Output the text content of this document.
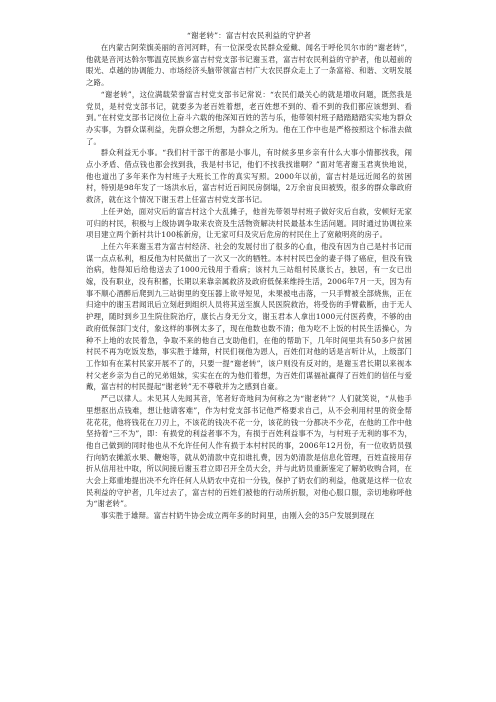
“谢老转”：富吉村农民利益的守护者

在内蒙古阿荣旗美丽的音河河畔，有一位深受农民群众爱戴、闻名于呼伦贝尔市的“谢老转”，他就是音河达斡尔鄂温克民族乡富吉村党支部书记谢玉君，富吉村农民利益的守护者，他以超前的眼光、卓越的协调能力、市场经济头脑带领富吉村广大农民群众走上了一条富裕、和谐、文明发展之路。

“谢老转”，这位满载荣誉富吉村党支部书记常说：“农民们最关心的就是增收问题，既然我是党员，是村党支部书记，就要多为老百姓着想，老百姓想不到的、看不到的我们都应该想到、看到。”在村党支部书记岗位上奋斗六载的他深知百姓的苦与乐，他带领村班子踏踏踏踏实实地为群众办实事，为群众谋利益，先群众想之所想，为群众之所为。他在工作中也是严格按照这个标准去做了。

群众利益无小事。“我们村干部干的都是小事儿，有时候多里乡亲有什么大事小情都找我，闹点小矛盾、借点钱也都会找到我，我是村书记，他们不找我找谁啊？”面对笔者谢玉君爽快地说，他也道出了多年来作为村班子大班长工作的真实写照。2000年以前，富吉村是远近闻名的贫困村，特别是98年发了一场洪水后，富吉村近百间民房倒塌，2万余亩良田被毁，很多的群众靠政府救济，就在这个情况下谢玉君上任富吉村党支部书记。

上任尹始，面对灾后的富吉村这个大乱摊子，他首先带领导村班子做好灾后自救，安顿好无家可归的村民，积极与上级协调争取来农资及生活物资解决村民最基本生活问题。同时通过协调拉来项目建立两个新村共计100栋新房，让无家可归及灾后危房的村民住上了宽敞明亮的房子。

上任六年来谢玉君为富吉村经济、社会的发展付出了很多的心血，他没有因为自己是村书记而谋一点点私利，相反他为村民做出了一次又一次的牺牲。本村村民巴金的妻子得了癌症，但没有钱治病，他得知后给他送去了1000元钱用于看病；该村九三站组村民康长占，独居，有一女已出嫁，没有职业，没有积蓄，长期以来靠亲属救济及政府低保来维持生活，2006年7月一天，因为有事不顺心酒醉后爬到九三站街里的变压器上欲寻短见，未果被电击落，一只手臂被全部烧焦，正在归途中的谢玉君闻讯后立刻赶到组织人员将其送至旗人民医院救治，将受伤的手臂截断，由于无人护理，随时到乡卫生院住院治疗，康长占身无分文，谢玉君本人拿出1000元付医药费，不够的由政府低保部门支付，象这样的事例太多了，现在他数也数不清；他为吃不上饭的村民生活操心，为种不上地的农民着急，争取不来的他自己支助他们，在他的帮助下，几年时间里共有50多户贫困村民不再为吃饭发愁，事实胜于雄辩，村民们视他为恩人，百姓们对他的话是言听计从，上级部门工作如有在某村民家开展不了的，只要一提“谢老转”，该户则没有反对的，是谢玉君长期以来视本村父老乡亲为自己的兄弟姐妹，实实在在的为他们着想，为百姓们谋福祉赢得了百姓们的信任与爱戴，富吉村的村民提起“谢老转”无不尊敬并为之感到自豪。

严己以律人。未见其人先闻其音，笔者好奇地问为何称之为“谢老转”？人们就笑说，“从他手里想抠出点钱难，想让他请客难”，作为村党支部书记他严格要求自己，从不会利用村里的资金帮花花花，他将钱花在刀刃上，不该花的钱决不花一分，该花的钱一分都决不少花，在他的工作中他坚持着“三不为”，即：有损党的利益者事不为，有损于百姓利益事不为，与村班子无利的事不为，他自己做到的同时他也从不允许任何人作有损于本村村民的事，2006年12月份，有一位收奶员强行向奶农摊派水果、鞭炮等，就从奶清款中克扣谁扎费，因为奶清款是信息化管理，百姓直接用存折从信用社中取，所以间接后谢玉君立即召开全员大会，并与此奶员重新鉴定了解奶收购合同，在大会上郑重地提出决不允许任何人从奶农中克扣一分钱，保护了奶农们的利益，他就是这样一位农民利益的守护者，几年过去了，富吉村的百姓们被他的行动所折服，对他心服口服，亲切地称呼他为“谢老转”。

事实胜于雄辩。富吉村奶牛协会成立两年多的时间里，由刚入会的35户发展到现在
